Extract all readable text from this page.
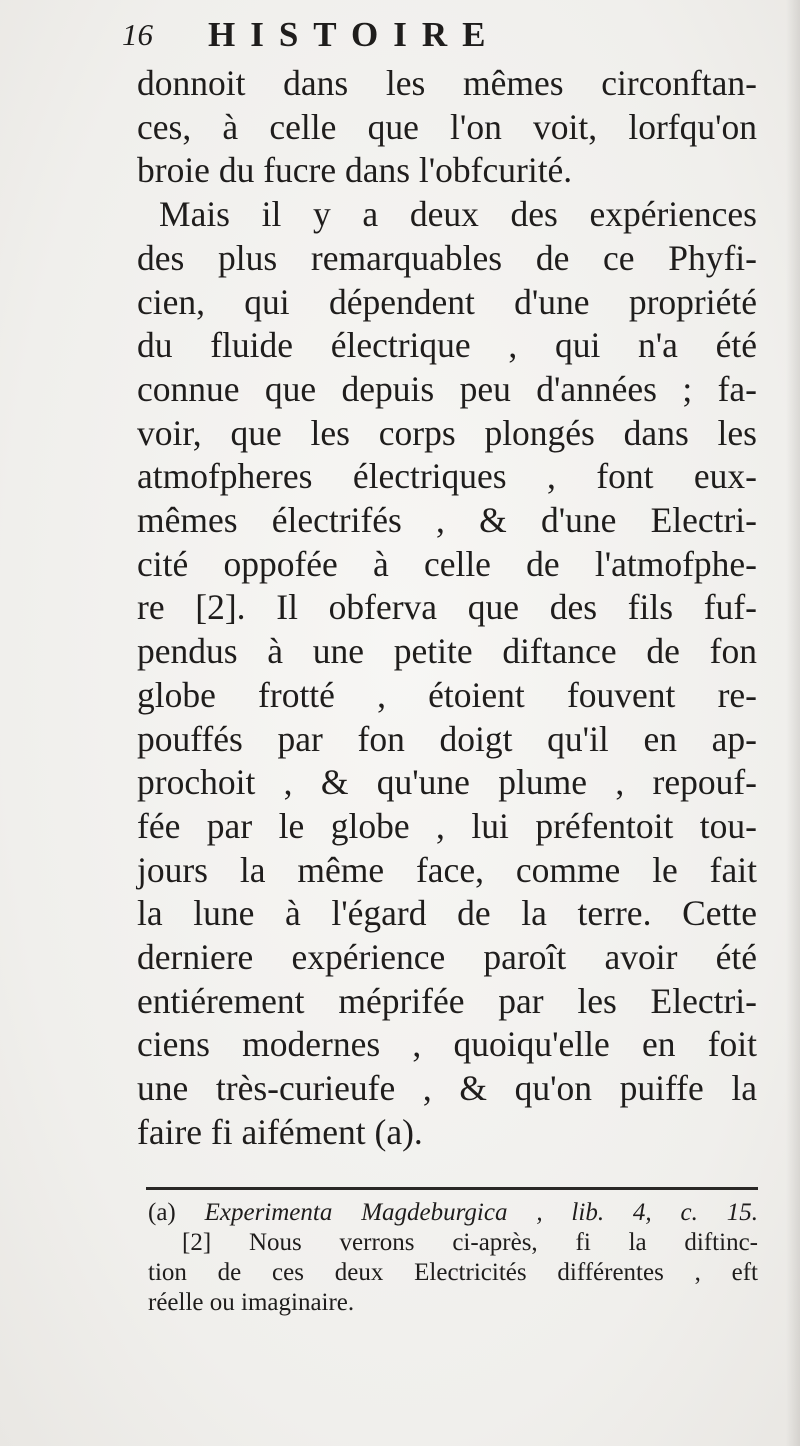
16 HISTOIRE
donnoit dans les mêmes circonftan-
ces, à celle que l'on voit, lorfqu'on
broie du fucre dans l'obfcurité.
Mais il y a deux des expériences
des plus remarquables de ce Phyfi-
cien, qui dépendent d'une propriété
du fluide électrique , qui n'a été
connue que depuis peu d'années ; fa-
voir, que les corps plongés dans les
atmofpheres électriques , font eux-
mêmes électrifés , & d'une Electri-
cité oppofée à celle de l'atmofphe-
re [2]. Il obferva que des fils fuf-
pendus à une petite diftance de fon
globe frotté , étoient fouvent re-
pouffés par fon doigt qu'il en ap-
prochoit , & qu'une plume , repouf-
fée par le globe , lui préfentoit tou-
jours la même face, comme le fait
la lune à l'égard de la terre. Cette
derniere expérience paroît avoir été
entiérement méprifée par les Electri-
ciens modernes , quoiqu'elle en foit
une très-curieufe , & qu'on puiffe la
faire fi aifément (a).
(a) Experimenta Magdeburgica , lib. 4, c. 15.
[2] Nous verrons ci-après, fi la diftinc-
tion de ces deux Electricités différentes , eft
réelle ou imaginaire.
